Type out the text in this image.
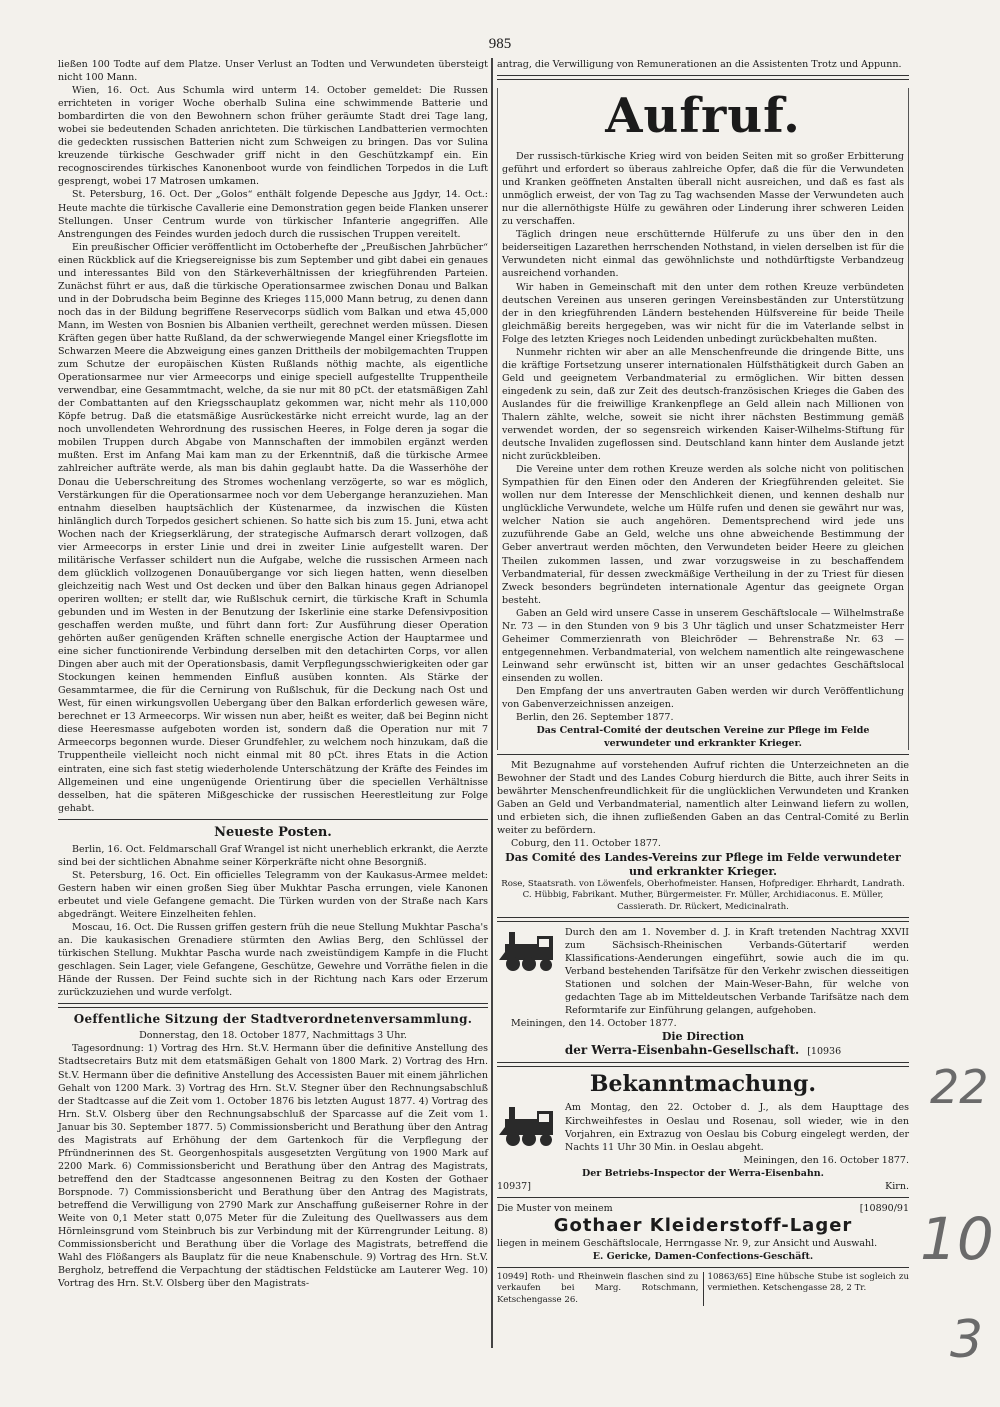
985

ließen 100 Todte auf dem Platze. Unser Verlust an Todten und Verwundeten übersteigt nicht 100 Mann.

Wien, 16. Oct. Aus Schumla wird unterm 14. October gemeldet: Die Russen errichteten in voriger Woche oberhalb Sulina eine schwimmende Batterie und bombardirten die von den Bewohnern schon früher geräumte Stadt drei Tage lang, wobei sie bedeutenden Schaden anrichteten. Die türkischen Landbatterien vermochten die gedeckten russischen Batterien nicht zum Schweigen zu bringen. Das vor Sulina kreuzende türkische Geschwader griff nicht in den Geschützkampf ein. Ein recognoscirendes türkisches Kanonenboot wurde von feindlichen Torpedos in die Luft gesprengt, wobei 17 Matrosen umkamen.

St. Petersburg, 16. Oct. Der „Golos“ enthält folgende Depesche aus Jgdyr, 14. Oct.: Heute machte die türkische Cavallerie eine Demonstration gegen beide Flanken unserer Stellungen. Unser Centrum wurde von türkischer Infanterie angegriffen. Alle Anstrengungen des Feindes wurden jedoch durch die russischen Truppen vereitelt.

Ein preußischer Officier veröffentlicht im Octoberhefte der „Preußischen Jahrbücher“ einen Rückblick auf die Kriegsereignisse bis zum September und gibt dabei ein genaues und interessantes Bild von den Stärkeverhältnissen der kriegführenden Parteien. Zunächst führt er aus, daß die türkische Operationsarmee zwischen Donau und Balkan und in der Dobrudscha beim Beginne des Krieges 115,000 Mann betrug, zu denen dann noch das in der Bildung begriffene Reservecorps südlich vom Balkan und etwa 45,000 Mann, im Westen von Bosnien bis Albanien vertheilt, gerechnet werden müssen. Diesen Kräften gegen über hatte Rußland, da der schwerwiegende Mangel einer Kriegsflotte im Schwarzen Meere die Abzweigung eines ganzen Drittheils der mobilgemachten Truppen zum Schutze der europäischen Küsten Rußlands nöthig machte, als eigentliche Operationsarmee nur vier Armeecorps und einige speciell aufgestellte Truppentheile verwendbar, eine Gesammtmacht, welche, da sie nur mit 80 pCt. der etatsmäßigen Zahl der Combattanten auf den Kriegsschauplatz gekommen war, nicht mehr als 110,000 Köpfe betrug. Daß die etatsmäßige Ausrückestärke nicht erreicht wurde, lag an der noch unvollendeten Wehrordnung des russischen Heeres, in Folge deren ja sogar die mobilen Truppen durch Abgabe von Mannschaften der immobilen ergänzt werden mußten. Erst im Anfang Mai kam man zu der Erkenntniß, daß die türkische Armee zahlreicher aufträte werde, als man bis dahin geglaubt hatte. Da die Wasserhöhe der Donau die Ueberschreitung des Stromes wochenlang verzögerte, so war es möglich, Verstärkungen für die Operationsarmee noch vor dem Uebergange heranzuziehen. Man entnahm dieselben hauptsächlich der Küstenarmee, da inzwischen die Küsten hinlänglich durch Torpedos gesichert schienen. So hatte sich bis zum 15. Juni, etwa acht Wochen nach der Kriegserklärung, der strategische Aufmarsch derart vollzogen, daß vier Armeecorps in erster Linie und drei in zweiter Linie aufgestellt waren. Der militärische Verfasser schildert nun die Aufgabe, welche die russischen Armeen nach dem glücklich vollzogenen Donauübergange vor sich liegen hatten, wenn dieselben gleichzeitig nach West und Ost decken und über den Balkan hinaus gegen Adrianopel operiren wollten; er stellt dar, wie Rußlschuk cernirt, die türkische Kraft in Schumla gebunden und im Westen in der Benutzung der Iskerlinie eine starke Defensivposition geschaffen werden mußte, und führt dann fort: Zur Ausführung dieser Operation gehörten außer genügenden Kräften schnelle energische Action der Hauptarmee und eine sicher functionirende Verbindung derselben mit den detachirten Corps, vor allen Dingen aber auch mit der Operationsbasis, damit Verpflegungsschwierigkeiten oder gar Stockungen keinen hemmenden Einfluß ausüben konnten. Als Stärke der Gesammtarmee, die für die Cernirung von Rußlschuk, für die Deckung nach Ost und West, für einen wirkungsvollen Uebergang über den Balkan erforderlich gewesen wäre, berechnet er 13 Armeecorps. Wir wissen nun aber, heißt es weiter, daß bei Beginn nicht diese Heeresmasse aufgeboten worden ist, sondern daß die Operation nur mit 7 Armeecorps begonnen wurde. Dieser Grundfehler, zu welchem noch hinzukam, daß die Truppentheile vielleicht noch nicht einmal mit 80 pCt. ihres Etats in die Action eintraten, eine sich fast stetig wiederholende Unterschätzung der Kräfte des Feindes im Allgemeinen und eine ungenügende Orientirung über die speciellen Verhältnisse desselben, hat die späteren Mißgeschicke der russischen Heerestleitung zur Folge gehabt.

Neueste Posten.

Berlin, 16. Oct. Feldmarschall Graf Wrangel ist nicht unerheblich erkrankt, die Aerzte sind bei der sichtlichen Abnahme seiner Körperkräfte nicht ohne Besorgniß.

St. Petersburg, 16. Oct. Ein officielles Telegramm von der Kaukasus-Armee meldet: Gestern haben wir einen großen Sieg über Mukhtar Pascha errungen, viele Kanonen erbeutet und viele Gefangene gemacht. Die Türken wurden von der Straße nach Kars abgedrängt. Weitere Einzelheiten fehlen.

Moscau, 16. Oct. Die Russen griffen gestern früh die neue Stellung Mukhtar Pascha's an. Die kaukasischen Grenadiere stürmten den Awlias Berg, den Schlüssel der türkischen Stellung. Mukhtar Pascha wurde nach zweistündigem Kampfe in die Flucht geschlagen. Sein Lager, viele Gefangene, Geschütze, Gewehre und Vorräthe fielen in die Hände der Russen. Der Feind suchte sich in der Richtung nach Kars oder Erzerum zurückzuziehen und wurde verfolgt.

Oeffentliche Sitzung der Stadtverordnetenversammlung.

Donnerstag, den 18. October 1877, Nachmittags 3 Uhr.

Tagesordnung: 1) Vortrag des Hrn. St.V. Hermann über die definitive Anstellung des Stadtsecretairs Butz mit dem etatsmäßigen Gehalt von 1800 Mark. 2) Vortrag des Hrn. St.V. Hermann über die definitive Anstellung des Accessisten Bauer mit einem jährlichen Gehalt von 1200 Mark. 3) Vortrag des Hrn. St.V. Stegner über den Rechnungsabschluß der Stadtcasse auf die Zeit vom 1. October 1876 bis letzten August 1877. 4) Vortrag des Hrn. St.V. Olsberg über den Rechnungsabschluß der Sparcasse auf die Zeit vom 1. Januar bis 30. September 1877. 5) Commissionsbericht und Berathung über den Antrag des Magistrats auf Erhöhung der dem Gartenkoch für die Verpflegung der Pfründnerinnen des St. Georgenhospitals ausgesetzten Vergütung von 1900 Mark auf 2200 Mark. 6) Commissionsbericht und Berathung über den Antrag des Magistrats, betreffend den der Stadtcasse angesonnenen Beitrag zu den Kosten der Gothaer Borspnode. 7) Commissionsbericht und Berathung über den Antrag des Magistrats, betreffend die Verwilligung von 2790 Mark zur Anschaffung gußeiserner Rohre in der Weite von 0,1 Meter statt 0,075 Meter für die Zuleitung des Quellwassers aus dem Hörnleinsgrund vom Steinbruch bis zur Verbindung mit der Kürrengrunder Leitung. 8) Commissionsbericht und Berathung über die Vorlage des Magistrats, betreffend die Wahl des Flößangers als Bauplatz für die neue Knabenschule. 9) Vortrag des Hrn. St.V. Bergholz, betreffend die Verpachtung der städtischen Feldstücke am Lauterer Weg. 10) Vortrag des Hrn. St.V. Olsberg über den Magistrats-

antrag, die Verwilligung von Remunerationen an die Assistenten Trotz und Appunn.

Aufruf.

Der russisch-türkische Krieg wird von beiden Seiten mit so großer Erbitterung geführt und erfordert so überaus zahlreiche Opfer, daß die für die Verwundeten und Kranken geöffneten Anstalten überall nicht ausreichen, und daß es fast als unmöglich erweist, der von Tag zu Tag wachsenden Masse der Verwundeten auch nur die allernöthigste Hülfe zu gewähren oder Linderung ihrer schweren Leiden zu verschaffen.

Täglich dringen neue erschütternde Hülferufe zu uns über den in den beiderseitigen Lazarethen herrschenden Nothstand, in vielen derselben ist für die Verwundeten nicht einmal das gewöhnlichste und nothdürftigste Verbandzeug ausreichend vorhanden.

Wir haben in Gemeinschaft mit den unter dem rothen Kreuze verbündeten deutschen Vereinen aus unseren geringen Vereinsbeständen zur Unterstützung der in den kriegführenden Ländern bestehenden Hülfsvereine für beide Theile gleichmäßig bereits hergegeben, was wir nicht für die im Vaterlande selbst in Folge des letzten Krieges noch Leidenden unbedingt zurückbehalten mußten.

Nunmehr richten wir aber an alle Menschenfreunde die dringende Bitte, uns die kräftige Fortsetzung unserer internationalen Hülfsthätigkeit durch Gaben an Geld und geeignetem Verbandmaterial zu ermöglichen. Wir bitten dessen eingedenk zu sein, daß zur Zeit des deutsch-französischen Krieges die Gaben des Auslandes für die freiwillige Krankenpflege an Geld allein nach Millionen von Thalern zählte, welche, soweit sie nicht ihrer nächsten Bestimmung gemäß verwendet worden, der so segensreich wirkenden Kaiser-Wilhelms-Stiftung für deutsche Invaliden zugeflossen sind. Deutschland kann hinter dem Auslande jetzt nicht zurückbleiben.

Die Vereine unter dem rothen Kreuze werden als solche nicht von politischen Sympathien für den Einen oder den Anderen der Kriegführenden geleitet. Sie wollen nur dem Interesse der Menschlichkeit dienen, und kennen deshalb nur unglückliche Verwundete, welche um Hülfe rufen und denen sie gewährt nur was, welcher Nation sie auch angehören. Dementsprechend wird jede uns zuzuführende Gabe an Geld, welche uns ohne abweichende Bestimmung der Geber anvertraut werden möchten, den Verwundeten beider Heere zu gleichen Theilen zukommen lassen, und zwar vorzugsweise in zu beschaffendem Verbandmaterial, für dessen zweckmäßige Vertheilung in der zu Triest für diesen Zweck besonders begründeten internationale Agentur das geeignete Organ besteht.

Gaben an Geld wird unsere Casse in unserem Geschäftslocale — Wilhelmstraße Nr. 73 — in den Stunden von 9 bis 3 Uhr täglich und unser Schatzmeister Herr Geheimer Commerzienrath von Bleichröder — Behrenstraße Nr. 63 — entgegennehmen. Verbandmaterial, von welchem namentlich alte reingewaschene Leinwand sehr erwünscht ist, bitten wir an unser gedachtes Geschäftslocal einsenden zu wollen.

Den Empfang der uns anvertrauten Gaben werden wir durch Veröffentlichung von Gabenverzeichnissen anzeigen.

Berlin, den 26. September 1877.

Das Central-Comité der deutschen Vereine zur Pflege im Felde verwundeter und erkrankter Krieger.

Mit Bezugnahme auf vorstehenden Aufruf richten die Unterzeichneten an die Bewohner der Stadt und des Landes Coburg hierdurch die Bitte, auch ihrer Seits in bewährter Menschenfreundlichkeit für die unglücklichen Verwundeten und Kranken Gaben an Geld und Verbandmaterial, namentlich alter Leinwand liefern zu wollen, und erbieten sich, die ihnen zufließenden Gaben an das Central-Comité zu Berlin weiter zu befördern.

Coburg, den 11. October 1877.

Das Comité des Landes-Vereins zur Pflege im Felde verwundeter und erkrankter Krieger.

Rose, Staatsrath. von Löwenfels, Oberhofmeister. Hansen, Hofprediger. Ehrhardt, Landrath. C. Hübbig, Fabrikant. Muther, Bürgermeister. Fr. Müller, Archidiaconus. E. Müller, Cassierath. Dr. Rückert, Medicinalrath.

Durch den am 1. November d. J. in Kraft tretenden Nachtrag XXVII zum Sächsisch-Rheinischen Verbands-Gütertarif werden Klassifications-Aenderungen eingeführt, sowie auch die im qu. Verband bestehenden Tarifsätze für den Verkehr zwischen diesseitigen Stationen und solchen der Main-Weser-Bahn, für welche von gedachten Tage ab im Mitteldeutschen Verbande Tarifsätze nach dem Reformtarife zur Einführung gelangen, aufgehoben.

Meiningen, den 14. October 1877.

Die Direction

der Werra-Eisenbahn-Gesellschaft. [10936
Bekanntmachung.

Am Montag, den 22. October d. J., als dem Haupttage des Kirchweihfestes in Oeslau und Rosenau, soll wieder, wie in den Vorjahren, ein Extrazug von Oeslau bis Coburg eingelegt werden, der Nachts 11 Uhr 30 Min. in Oeslau abgeht.

Meiningen, den 16. October 1877.

Der Betriebs-Inspector der Werra-Eisenbahn.

10937]	Kirn.
Die Muster von meinem	[10890/91
Gothaer Kleiderstoff-Lager

liegen in meinem Geschäftslocale, Herrngasse Nr. 9, zur Ansicht und Auswahl.

E. Gericke, Damen-Confections-Geschäft.

10949] Roth- und Rheinwein flaschen sind zu verkaufen bei Marg. Rotschmann, Ketschengasse 26.

10863/65] Eine hübsche Stube ist sogleich zu vermiethen. Ketschengasse 28, 2 Tr.

22
10
3
